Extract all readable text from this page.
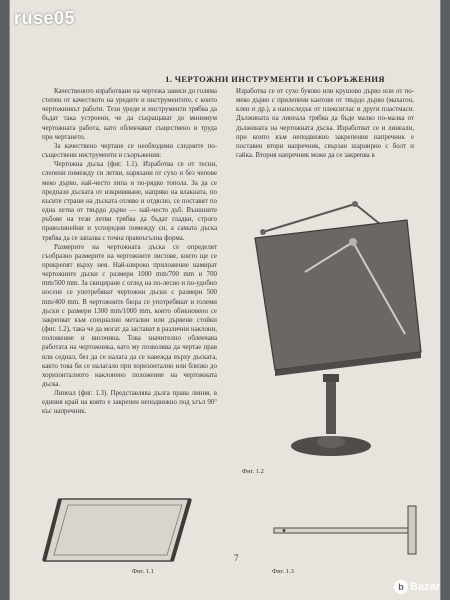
1. ЧЕРТОЖНИ ИНСТРУМЕНТИ И СЪОРЪЖЕНИЯ

Качественото изработване на чертежа зависи до голяма степен от качеството на уредите и инструментите, с които чертожникът работи. Тези уреди и инструменти трябва да бъдат така устроени, че да съкращават до минимум чертожната работа, като облекчават съществено и труда при чертането.

За качествено чертане се необходими следните по-съществени инструменти и съоръжения:

Чертожна дъска (фиг. 1.1). Изработва се от тесни, слепени помежду си летви, нарязани от сухо и без чепове меко дърво, най-често липа и по-рядко топола. За да се предпази дъската от изкривяване, напряко на влакната, по късите страни на дъската отляво и отдясно, се поставят по една летва от твърдо дърво — най-често дъб. Външните ръбове на тези летви трябва да бъдат гладки, строго праволинейни и успоредни помежду си, а самата дъска трябва да се запазва с точна правоъгълна форма.

Размерите на чертожната дъска се определят съобразно размерите на чертожните листове, които ще се прикрепят върху нея. Най-широко приложение намират чертожните дъски с размери 1000 mm/700 mm и 700 mm/500 mm. За скициране с оглед на по-лесно и по-удобно носене се употребяват чертожни дъски с размери 500 mm/400 mm. В чертожните бюра се употребяват и големи дъски с размери 1300 mm/1000 mm, които обикновено се закрепват към специални метални или дървени стойки (фиг. 1.2), така че да могат да застават в различни наклони, положение и височина. Това значително облекчава работата на чертожника, като му позволява да чертае прав или седнал, без да се налага да се навежда върху дъската, както това би се налагало при хоризонтално или близко до хоризонталното наклонено положение на чертожната дъска.

Линеал (фиг. 1.3). Представлява дълга права линия, в единия край на която е закрепен неподвижно под ъгъл 90° къс напречник.

Изработва се от сухо буково или крушово дърво или от по-меко дърво с прилепени кантове от твърдо дърво (махагон, клен и др.), а напоследък от плексиглас и други пластмаси. Дължината на линеала трябва да бъде малко по-малка от дължината на чертожната дъска. Изработват се и линеали, при които към неподвижно закрепения напречник е поставен втори напречник, свързан шарнирно с болт и гайка. Втория напречник може да се закрепва в

Фиг. 1.2
Фиг. 1.1	Фиг. 1.3
7
ruse05
b Bazar
